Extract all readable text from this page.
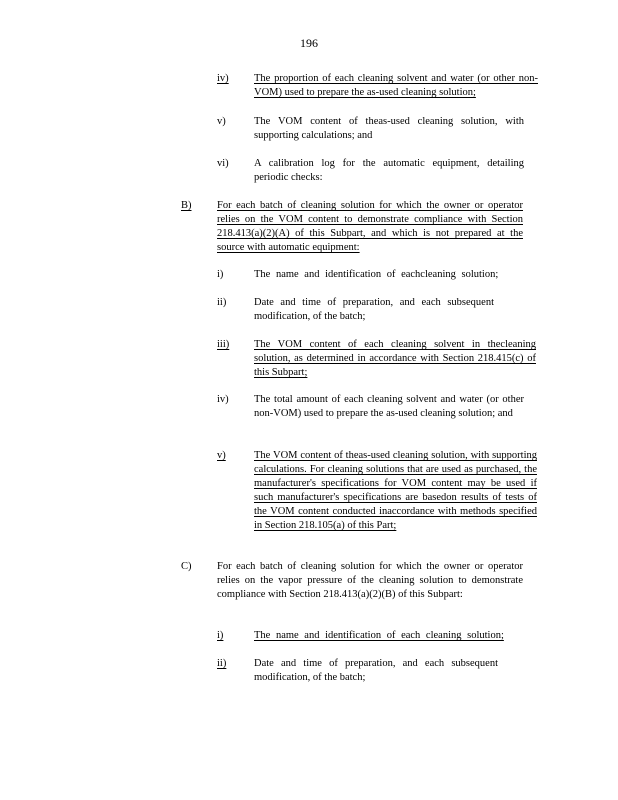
196
iv) The proportion of each cleaning solvent and water (or other non-VOM) used to prepare the as-used cleaning solution;
v)	The VOM content of theas-used cleaning solution, with supporting calculations; and
vi) A calibration log for the automatic equipment, detailing periodic checks:
B) For each batch of cleaning solution for which the owner or operator relies on the VOM content to demonstrate compliance with Section 218.413(a)(2)(A) of this Subpart, and which is not prepared at the source with automatic equipment:
i)	The name and identification of eachcleaning solution;
ii)	Date and time of preparation, and each subsequent modification, of the batch;
iii) The VOM content of each cleaning solvent in thecleaning solution, as determined in accordance with Section 218.415(c) of this Subpart;
iv) The total amount of each cleaning solvent and water (or other non-VOM) used to prepare the as-used cleaning solution; and
v)	The VOM content of theas-used cleaning solution, with supporting calculations. For cleaning solutions that are used as purchased, the manufacturer's specifications for VOM content may be used if such manufacturer's specifications are basedon results of tests of the VOM content conducted inaccordance with methods specified in Section 218.105(a) of this Part;
C) For each batch of cleaning solution for which the owner or operator relies on the vapor pressure of the cleaning solution to demonstrate compliance with Section 218.413(a)(2)(B) of this Subpart:
i)	The name and identification of each cleaning solution;
ii)	Date and time of preparation, and each subsequent modification, of the batch;
